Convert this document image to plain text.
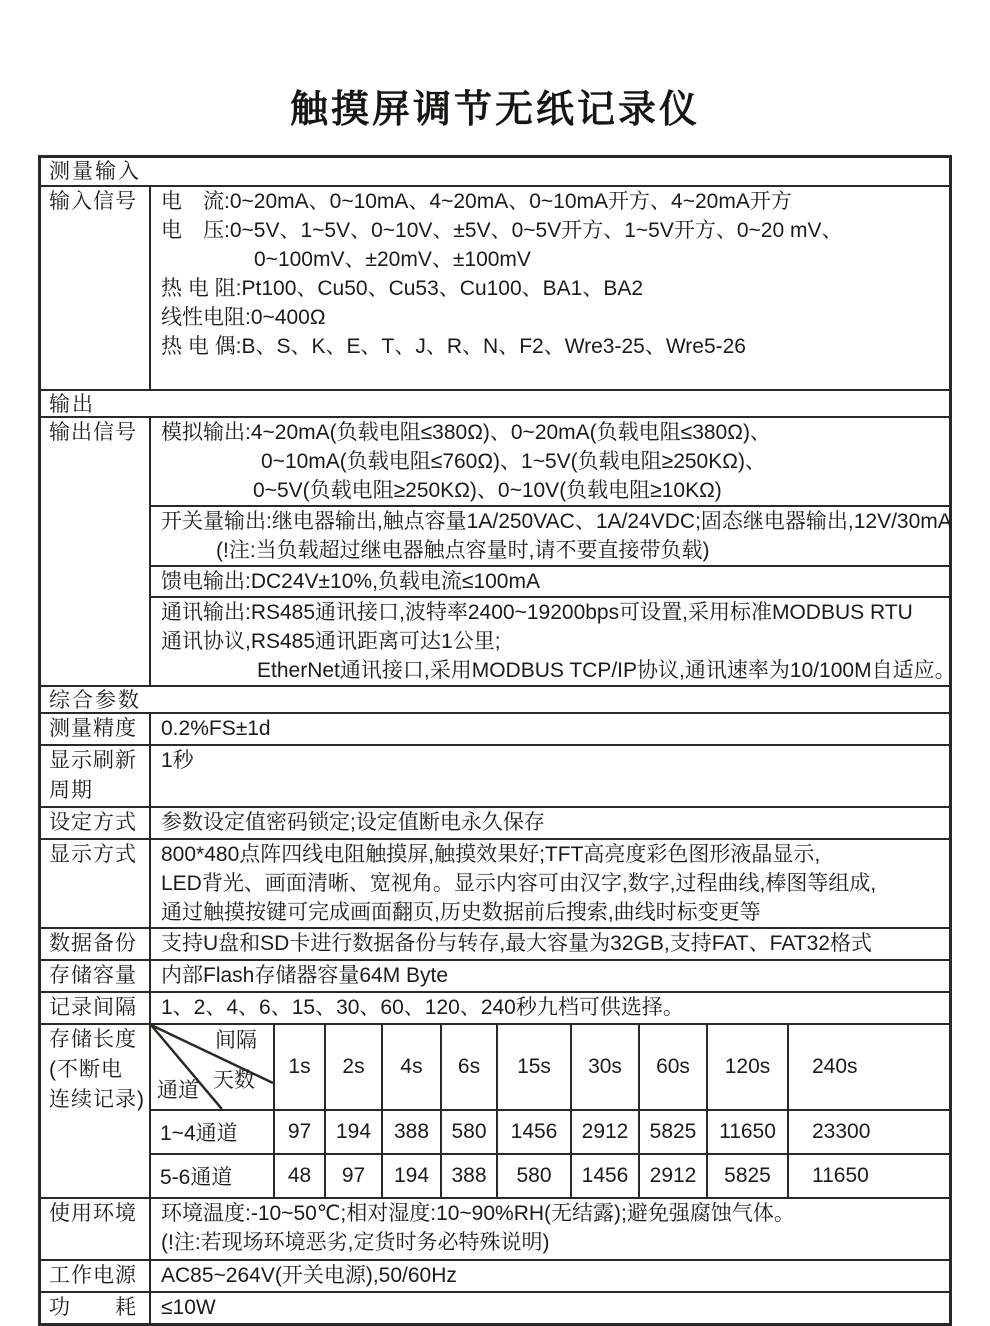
触摸屏调节无纸记录仪
测量输入
输入信号 电　流:0~20mA、0~10mA、4~20mA、0~10mA开方、4~20mA开方
电　压:0~5V、1~5V、0~10V、±5V、0~5V开方、1~5V开方、0~20 mV、
0~100mV、±20mV、±100mV
热 电 阻:Pt100、Cu50、Cu53、Cu100、BA1、BA2
线性电阻:0~400Ω
热 电 偶:B、S、K、E、T、J、R、N、F2、Wre3-25、Wre5-26
输出
输出信号 模拟输出:4~20mA(负载电阻≤380Ω)、0~20mA(负载电阻≤380Ω)、
0~10mA(负载电阻≤760Ω)、1~5V(负载电阻≥250KΩ)、
0~5V(负载电阻≥250KΩ)、0~10V(负载电阻≥10KΩ)
开关量输出:继电器输出,触点容量1A/250VAC、1A/24VDC;固态继电器输出,12V/30mA
(!注:当负载超过继电器触点容量时,请不要直接带负载)
馈电输出:DC24V±10%,负载电流≤100mA
通讯输出:RS485通讯接口,波特率2400~19200bps可设置,采用标准MODBUS RTU
通讯协议,RS485通讯距离可达1公里;
EtherNet通讯接口,采用MODBUS TCP/IP协议,通讯速率为10/100M自适应。
综合参数
测量精度 0.2%FS±1d
显示刷新
周期
1秒
设定方式 参数设定值密码锁定;设定值断电永久保存
显示方式 800*480点阵四线电阻触摸屏,触摸效果好;TFT高亮度彩色图形液晶显示,
LED背光、画面清晰、宽视角。显示内容可由汉字,数字,过程曲线,棒图等组成,
通过触摸按键可完成画面翻页,历史数据前后搜索,曲线时标变更等
数据备份 支持U盘和SD卡进行数据备份与转存,最大容量为32GB,支持FAT、FAT32格式
存储容量 内部Flash存储器容量64M Byte
记录间隔 1、2、4、6、15、30、60、120、240秒九档可供选择。
存储长度
(不断电
连续记录)
间隔
天数
通道
1s	2s	4s	6s	15s	30s	60s	120s	240s
1~4通道	97	194	388	580	1456	2912	5825	11650	23300
5-6通道	48	97	194	388	580	1456	2912	5825	11650
使用环境 环境温度:-10~50℃;相对湿度:10~90%RH(无结露);避免强腐蚀气体。
(!注:若现场环境恶劣,定货时务必特殊说明)
工作电源 AC85~264V(开关电源),50/60Hz
功　　耗 ≤10W
